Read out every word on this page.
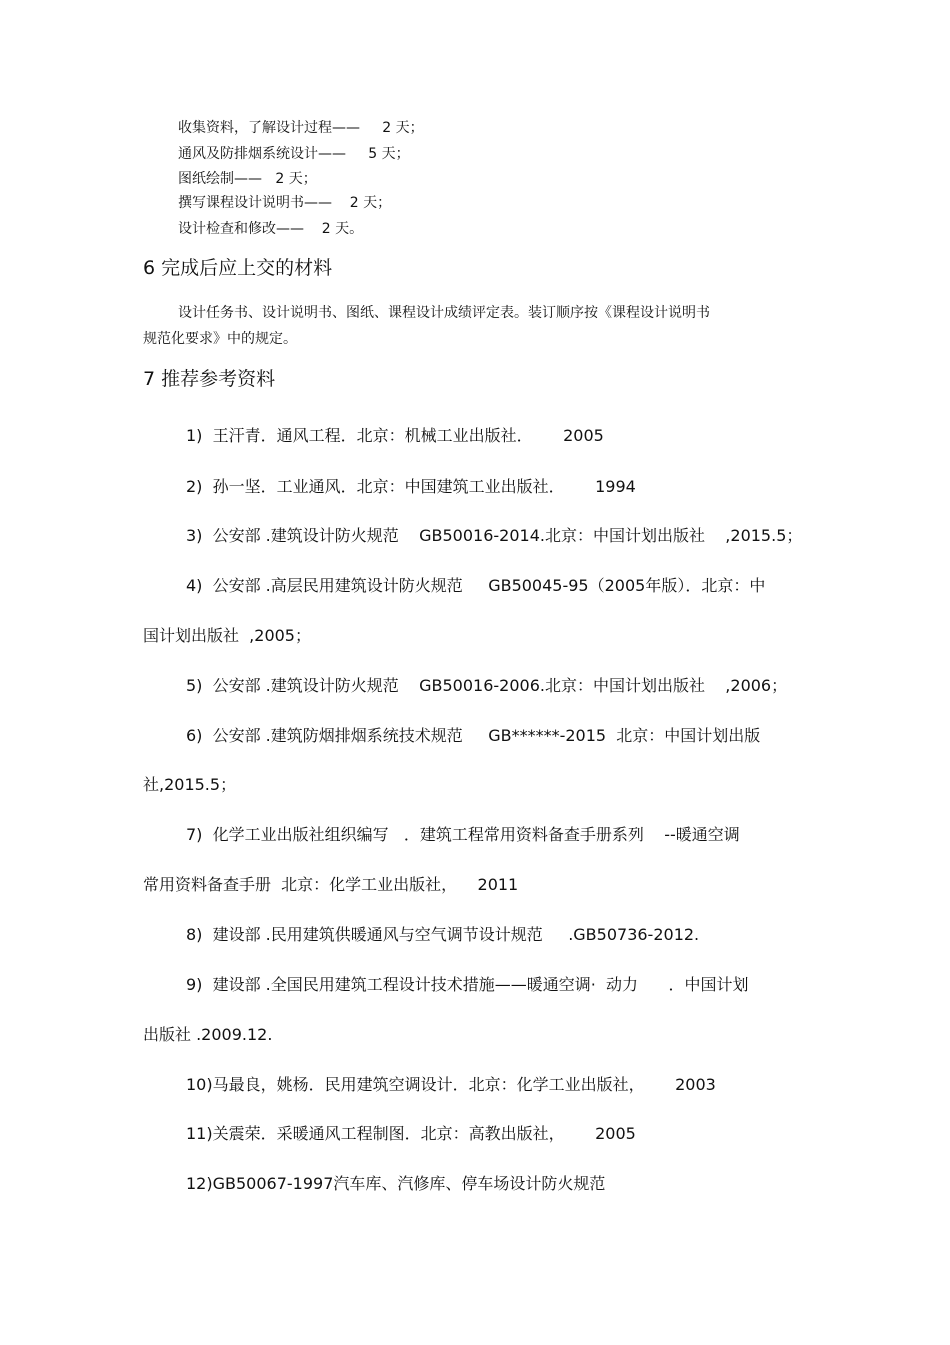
收集资料，了解设计过程——     2 天；
通风及防排烟系统设计——     5 天；
图纸绘制——   2 天；
撰写课程设计说明书——    2 天；
设计检查和修改——    2 天。
6 完成后应上交的材料
设计任务书、设计说明书、图纸、课程设计成绩评定表。装订顺序按《课程设计说明书
规范化要求》中的规定。
7 推荐参考资料
1)  王汗青．通风工程．北京：机械工业出版社．      2005
2)  孙一坚．工业通风．北京：中国建筑工业出版社．      1994
3)  公安部 .建筑设计防火规范    GB50016-2014.北京：中国计划出版社    ,2015.5；
4)  公安部 .高层民用建筑设计防火规范     GB50045-95（2005年版）．北京：中
国计划出版社  ,2005；
5)  公安部 .建筑设计防火规范    GB50016-2006.北京：中国计划出版社    ,2006；
6)  公安部 .建筑防烟排烟系统技术规范     GB******-2015  北京：中国计划出版
社,2015.5；
7)  化学工业出版社组织编写   ．建筑工程常用资料备查手册系列    --暖通空调
常用资料备查手册  北京：化学工业出版社，    2011
8)  建设部 .民用建筑供暖通风与空气调节设计规范     .GB50736-2012.
9)  建设部 .全国民用建筑工程设计技术措施——暖通空调·  动力      ．中国计划
出版社 .2009.12.
10)马最良，姚杨．民用建筑空调设计．北京：化学工业出版社，      2003
11)关震荣．采暖通风工程制图．北京：高教出版社，      2005
12)GB50067-1997汽车库、汽修库、停车场设计防火规范
